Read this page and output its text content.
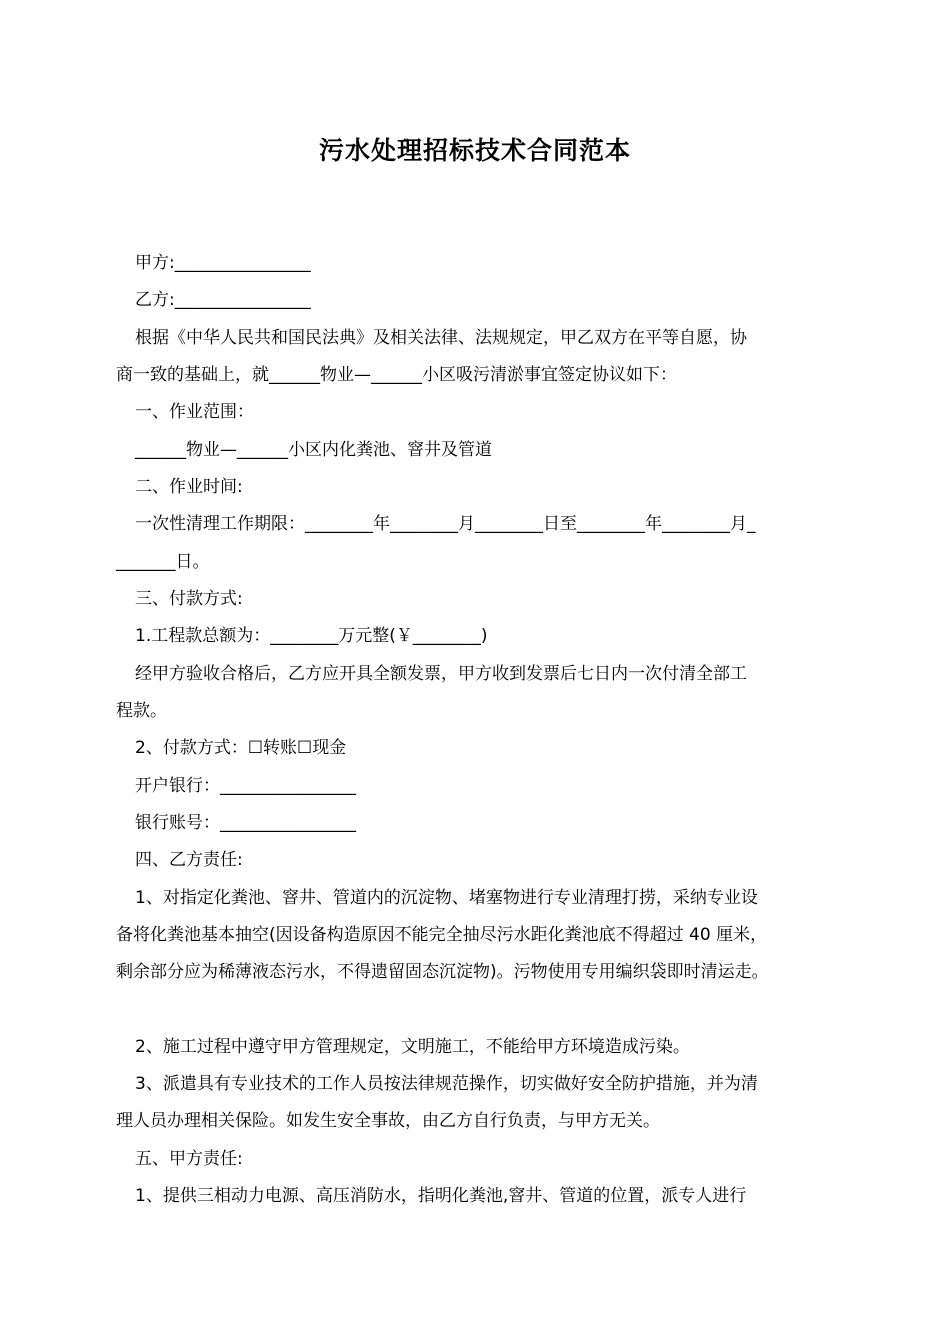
污水处理招标技术合同范本
甲方:________________
乙方:________________
根据《中华人民共和国民法典》及相关法律、法规规定，甲乙双方在平等自愿，协
商一致的基础上，就______物业—______小区吸污清淤事宜签定协议如下：
一、作业范围：
______物业—______小区内化粪池、窨井及管道
二、作业时间:
一次性清理工作期限：________年________月________日至________年________月_
_______日。
三、付款方式:
1.工程款总额为：________万元整(￥________)
经甲方验收合格后，乙方应开具全额发票，甲方收到发票后七日内一次付清全部工
程款。
2、付款方式：☐转账☐现金
开户银行：________________
银行账号：________________
四、乙方责任:
1、对指定化粪池、窨井、管道内的沉淀物、堵塞物进行专业清理打捞，采纳专业设
备将化粪池基本抽空(因设备构造原因不能完全抽尽污水距化粪池底不得超过 40 厘米，
剩余部分应为稀薄液态污水，不得遗留固态沉淀物)。污物使用专用编织袋即时清运走。
2、施工过程中遵守甲方管理规定，文明施工，不能给甲方环境造成污染。
3、派遣具有专业技术的工作人员按法律规范操作，切实做好安全防护措施，并为清
理人员办理相关保险。如发生安全事故，由乙方自行负责，与甲方无关。
五、甲方责任:
1、提供三相动力电源、高压消防水，指明化粪池,窨井、管道的位置，派专人进行
